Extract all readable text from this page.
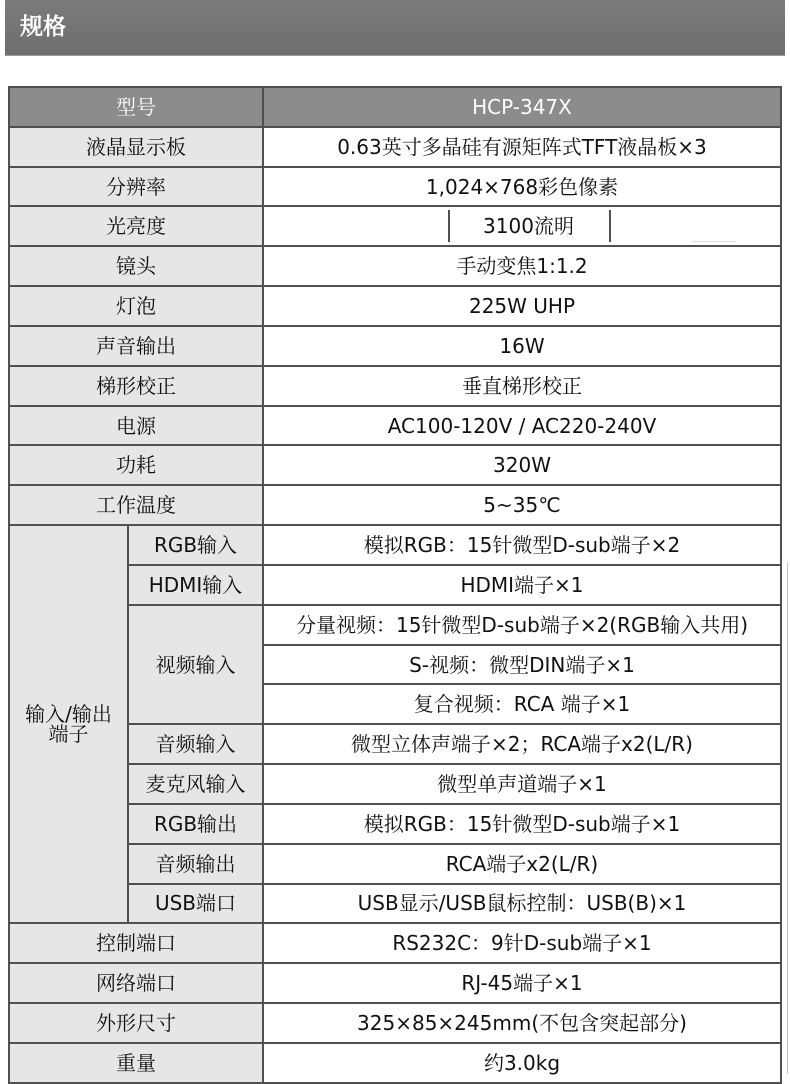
规格
型号		HCP-347X
液晶显示板		0.63英寸多晶硅有源矩阵式TFT液晶板×3
分辨率		1,024×768彩色像素
光亮度		3100流明

镜头		手动变焦1:1.2
灯泡		225W UHP
声音输出		16W
梯形校正		垂直梯形校正
电源		AC100-120V / AC220-240V
功耗		320W
工作温度		5~35℃
输入/输出
端子	RGB输入	模拟RGB：15针微型D-sub端子×2
	HDMI输入	HDMI端子×1
	视频输入	分量视频：15针微型D-sub端子×2(RGB输入共用)
		S-视频：微型DIN端子×1
		复合视频：RCA 端子×1
	音频输入	微型立体声端子×2；RCA端子x2(L/R)
	麦克风输入	微型单声道端子×1
	RGB输出	模拟RGB：15针微型D-sub端子×1
	音频输出	RCA端子x2(L/R)
	USB端口	USB显示/USB鼠标控制：USB(B)×1
控制端口		RS232C：9针D-sub端子×1
网络端口		RJ-45端子×1
外形尺寸		325×85×245mm(不包含突起部分)
重量		约3.0kg
